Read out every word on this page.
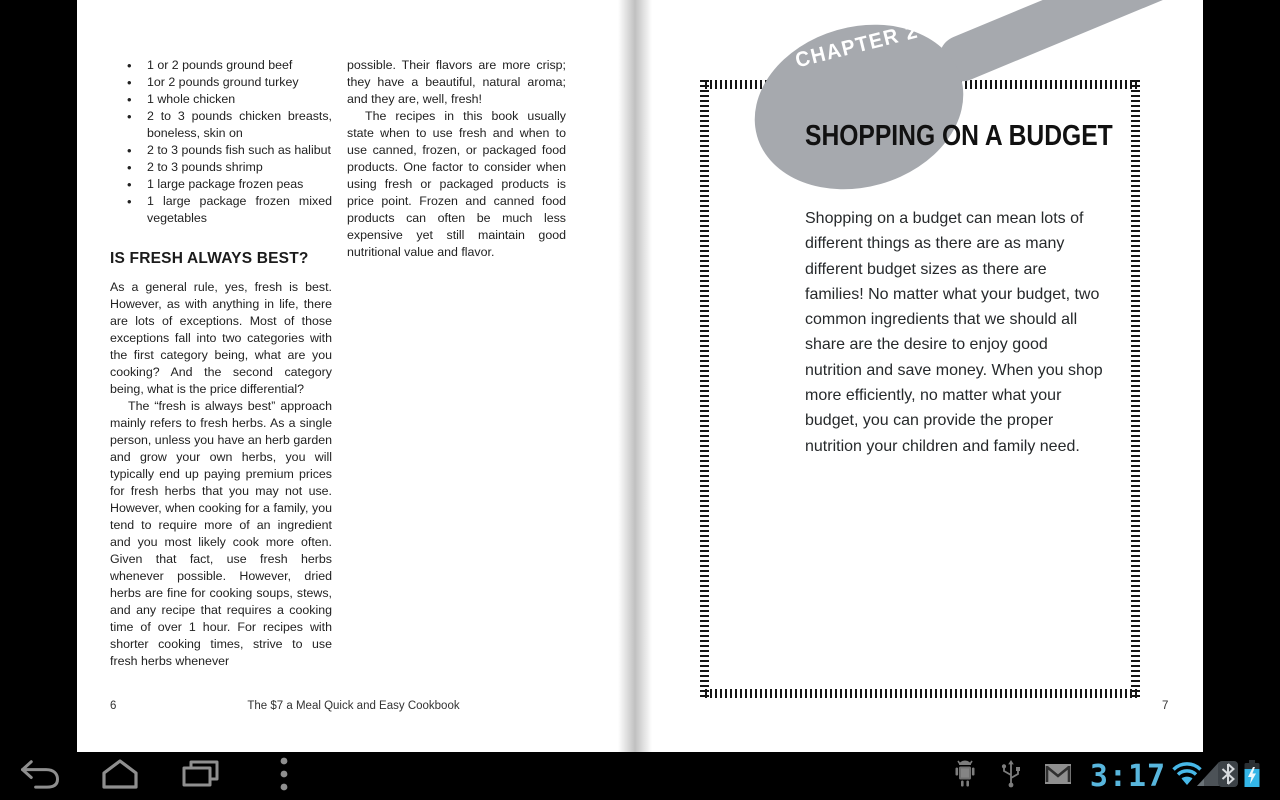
• 1 or 2 pounds ground beef
• 1or 2 pounds ground turkey
• 1 whole chicken
• 2 to 3 pounds chicken breasts, boneless, skin on
• 2 to 3 pounds fish such as halibut
• 2 to 3 pounds shrimp
• 1 large package frozen peas
• 1 large package frozen mixed vegetables
IS FRESH ALWAYS BEST?

As a general rule, yes, fresh is best. However, as with anything in life, there are lots of exceptions. Most of those exceptions fall into two categories with the first category being, what are you cooking? And the second category being, what is the price differential?

The “fresh is always best” approach mainly refers to fresh herbs. As a single person, unless you have an herb garden and grow your own herbs, you will typically end up paying premium prices for fresh herbs that you may not use. However, when cooking for a family, you tend to require more of an ingredient and you most likely cook more often. Given that fact, use fresh herbs whenever possible. However, dried herbs are fine for cooking soups, stews, and any recipe that requires a cooking time of over 1 hour. For recipes with shorter cooking times, strive to use fresh herbs whenever

possible. Their flavors are more crisp; they have a beautiful, natural aroma; and they are, well, fresh!

The recipes in this book usually state when to use fresh and when to use canned, frozen, or packaged food products. One factor to consider when using fresh or packaged products is price point. Frozen and canned food products can often be much less expensive yet still maintain good nutritional value and flavor.

6	The $7 a Meal Quick and Easy Cookbook
CHAPTER 2
SHOPPING ON A BUDGET
Shopping on a budget can mean lots of different things as there are as many different budget sizes as there are families! No matter what your budget, two common ingredients that we should all share are the desire to enjoy good nutrition and save money. When you shop more efficiently, no matter what your budget, you can provide the proper nutrition your children and family need.
7
3:17
